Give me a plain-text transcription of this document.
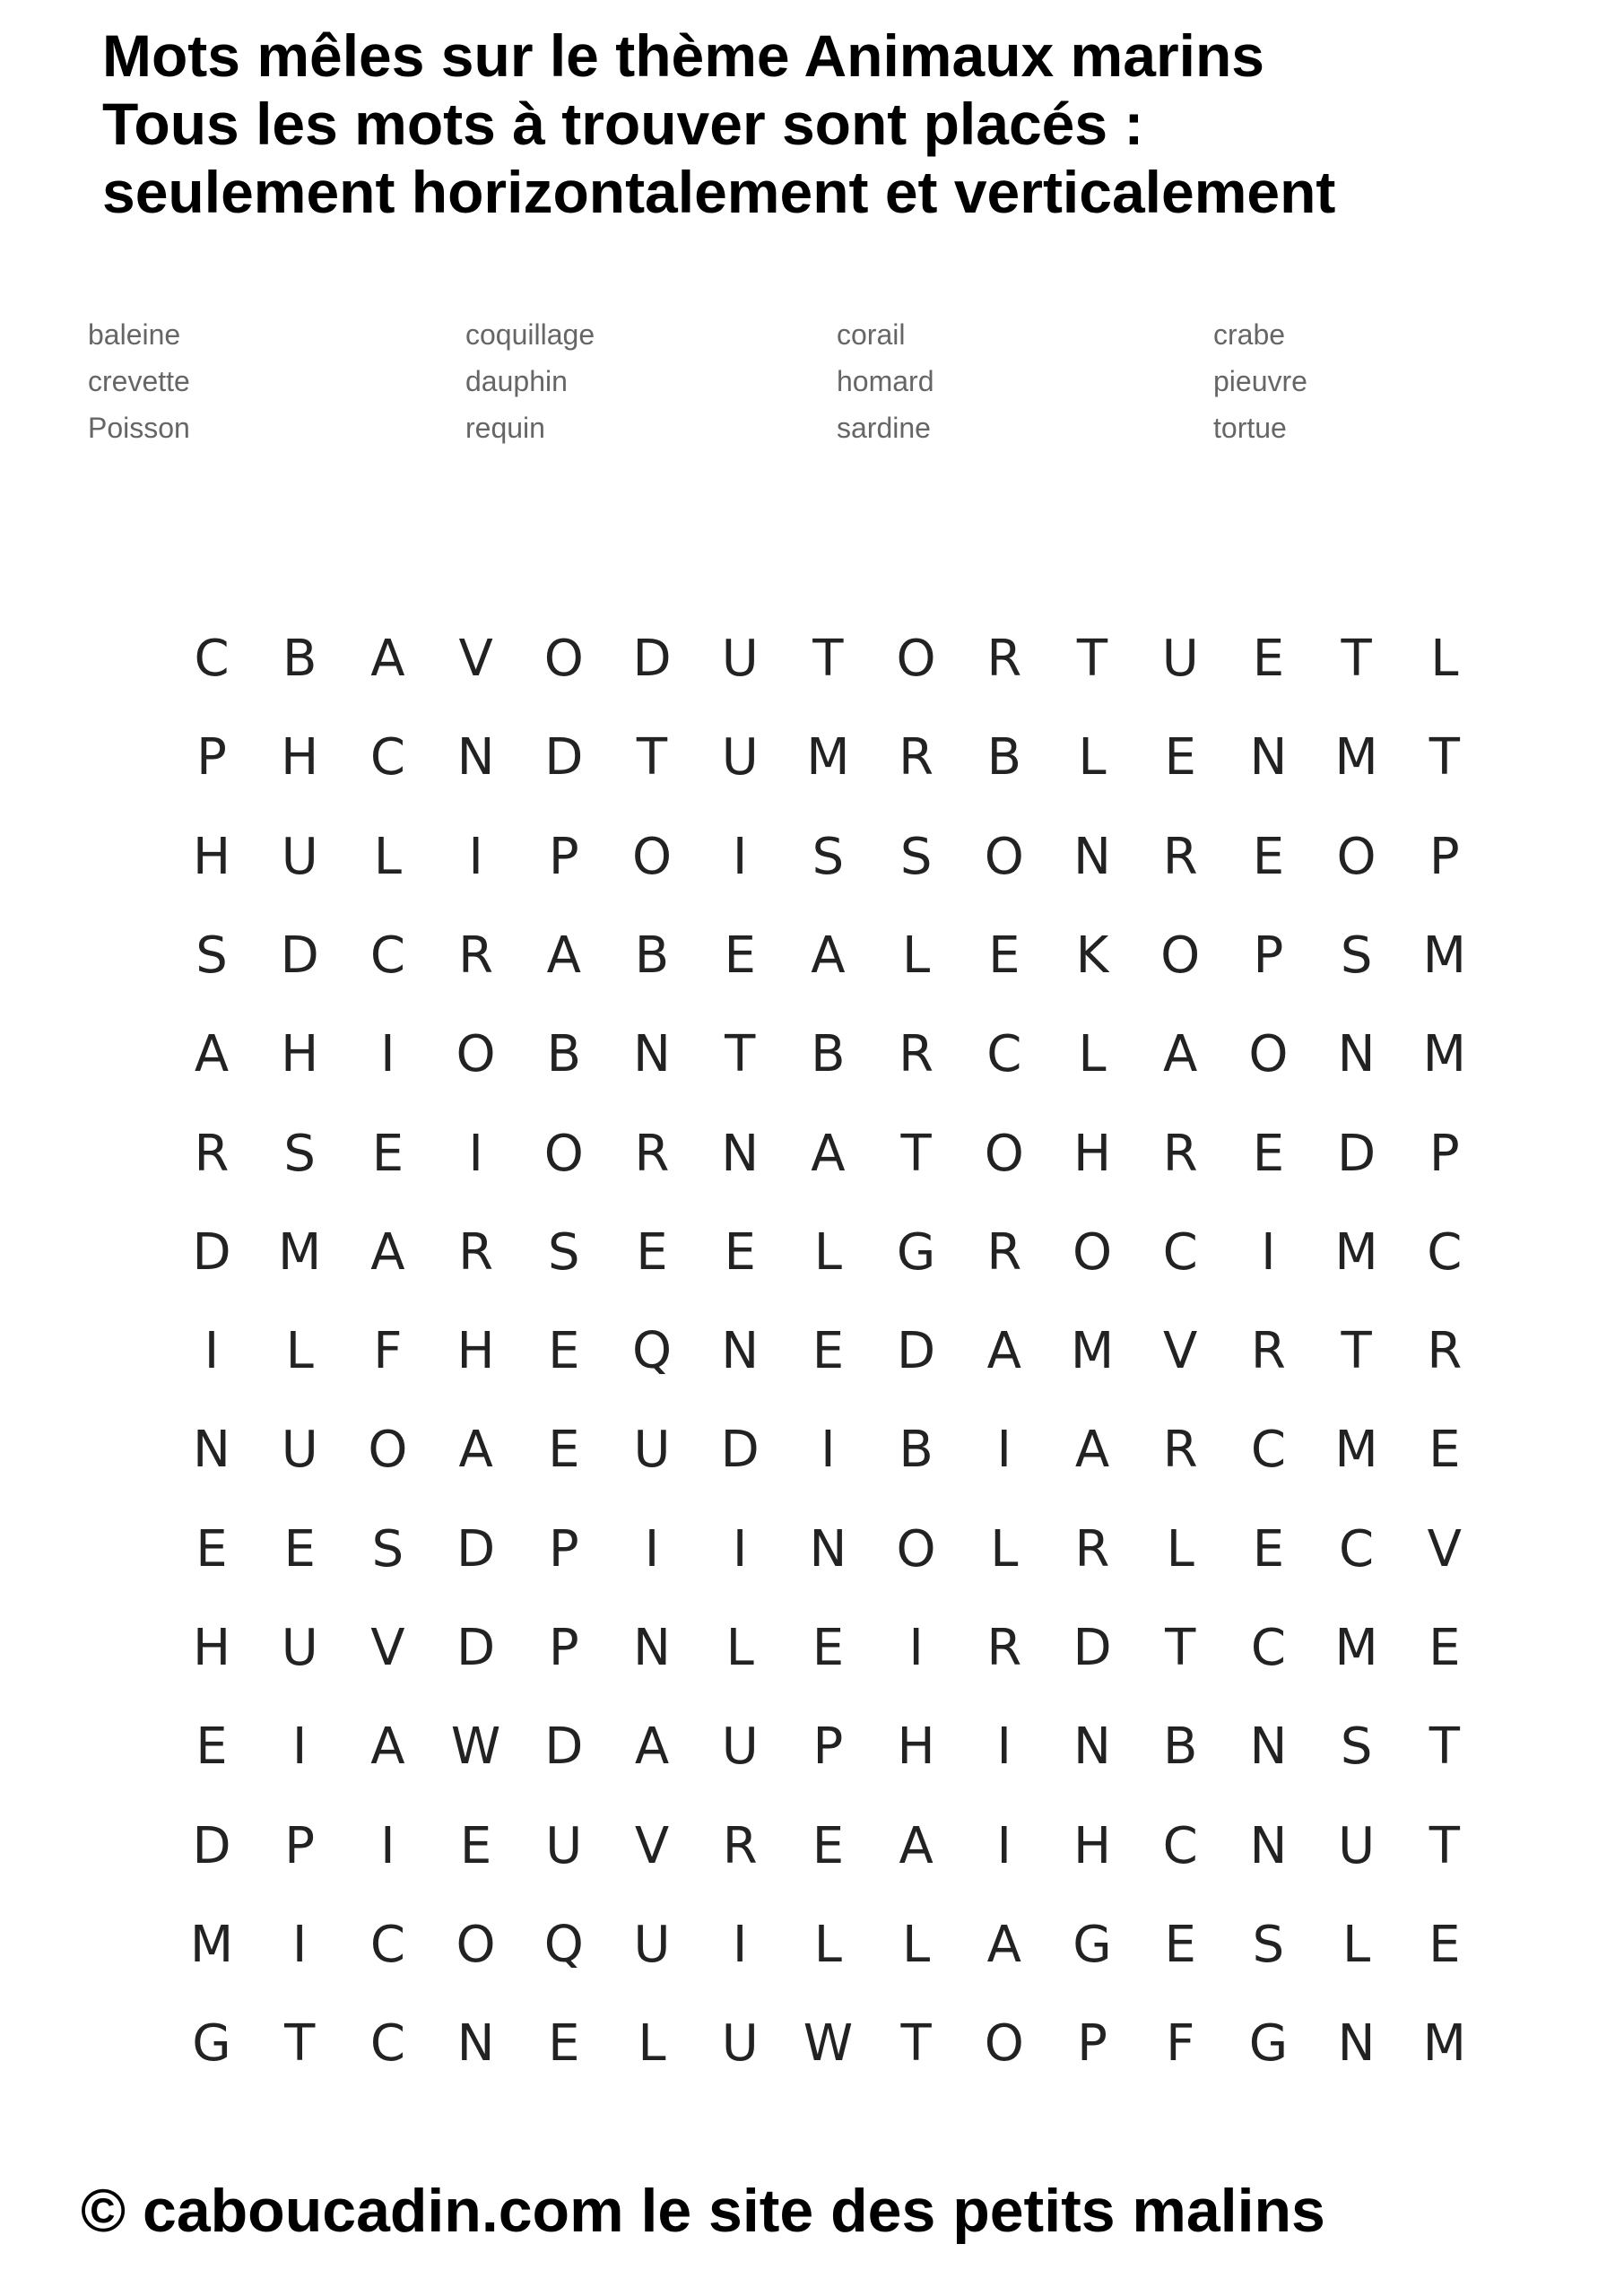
Mots mêles sur le thème Animaux marins
Tous les mots à trouver sont placés :
seulement horizontalement et verticalement
baleine
crevette
Poisson
coquillage
dauphin
requin
corail
homard
sardine
crabe
pieuvre
tortue
C	B	A	V	O D	U	T	O	R	T	U	E	T	L
P	H	C	N D	T	U M R	B	L	E	N M	T
H	U	L	I	P	O	I	S	S	O N	R	E	O	P
S	D	C	R	A	B	E	A	L	E	K	O	P	S	M
A	H	I	O	B	N	T	B	R	C	L	A	O N M
R	S	E	I	O	R	N	A	T	O H	R	E	D	P
D M A	R	S	E	E	L	G	R	O	C	I	M C
I	L	F	H	E	Q N	E	D	A M V	R	T	R
N	U O	A	E	U	D	I	B	I	A	R	C M	E
E	E	S	D	P	I	I	N O	L	R	L	E	C	V
H	U	V	D	P	N	L	E	I	R	D	T	C M	E
E	I	A W D	A	U	P	H	I	N	B	N	S	T
D	P	I	E	U	V	R	E	A	I	H	C	N	U	T
M	I	C	O Q U	I	L	L	A	G	E	S	L	E
G	T	C	N	E	L	U W T	O	P	F	G N M
© caboucadin.com le site des petits malins
